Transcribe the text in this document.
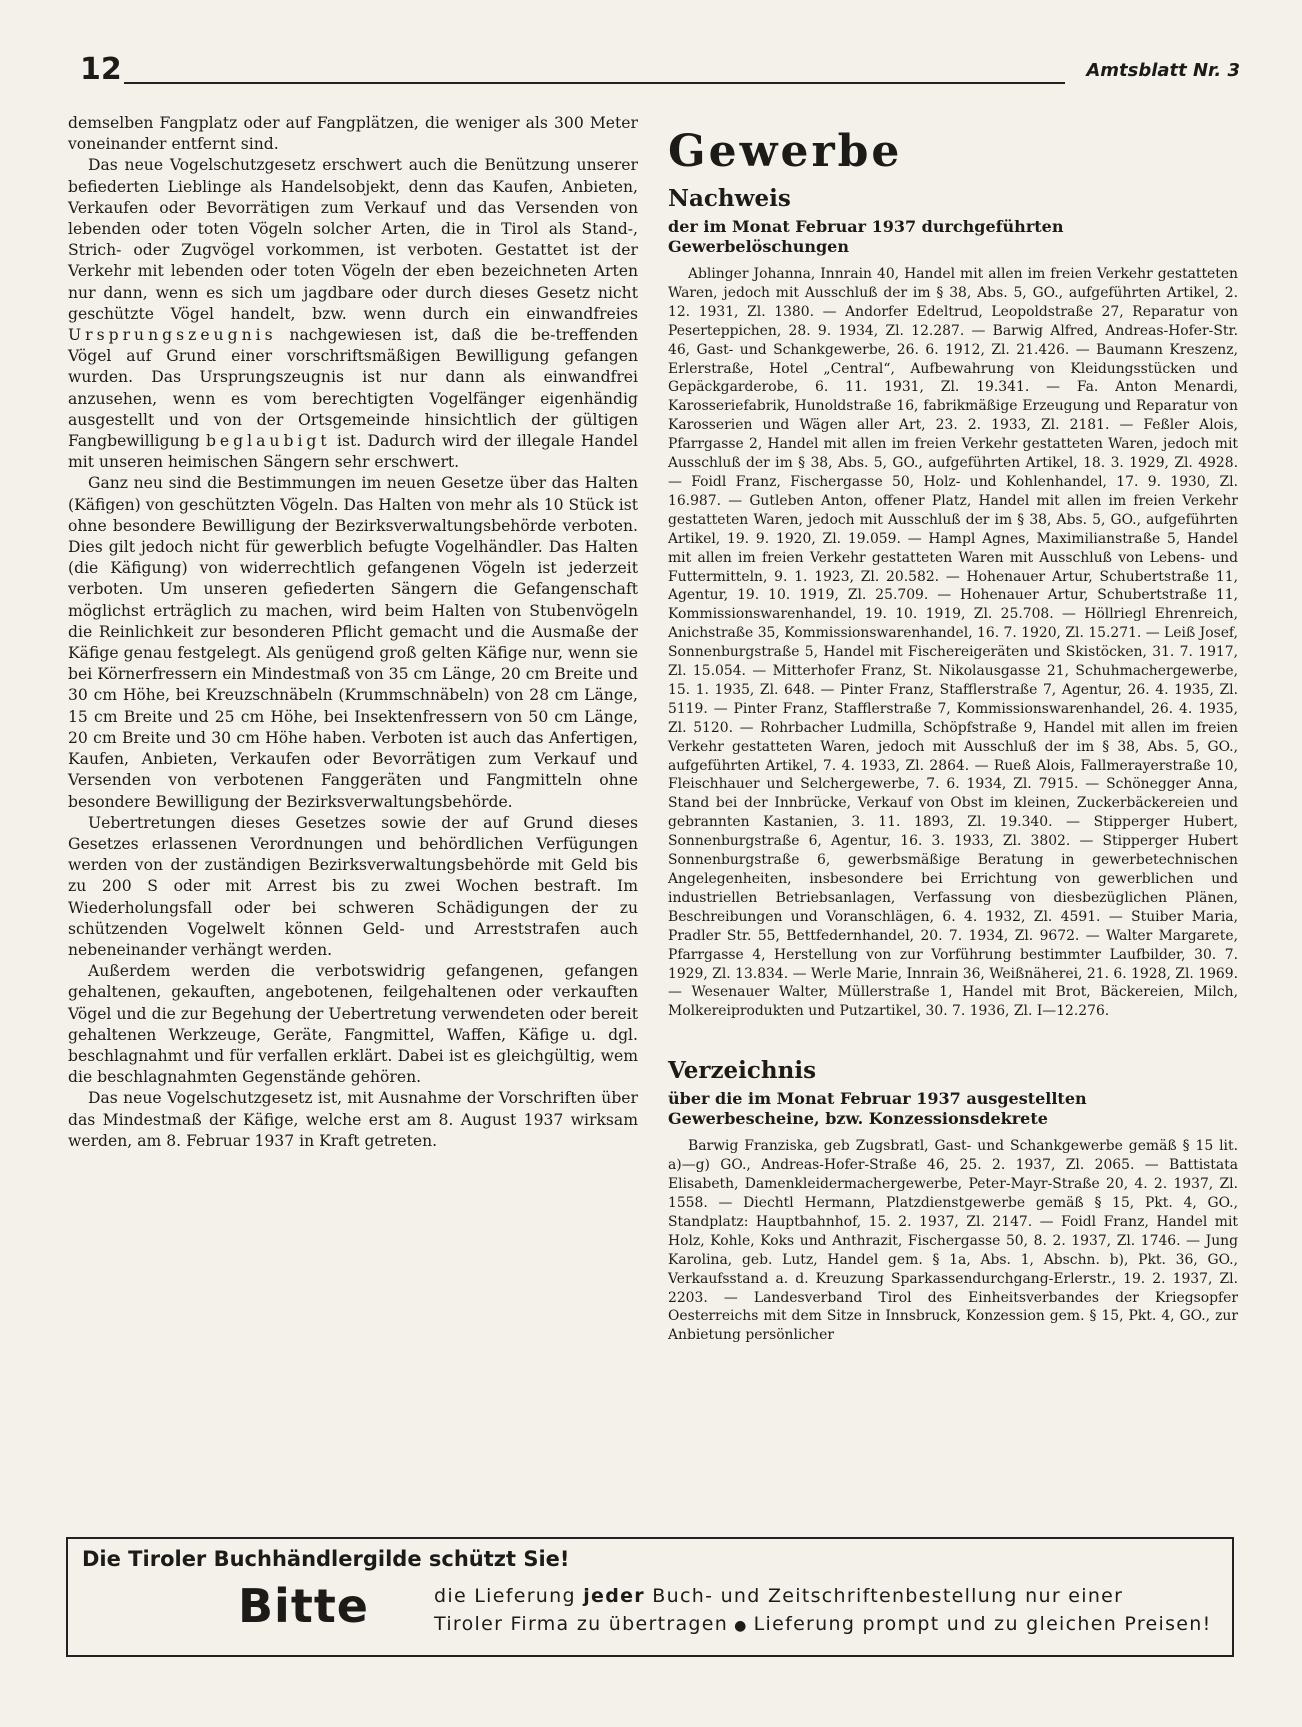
12	Amtsblatt Nr. 3

demselben Fangplatz oder auf Fangplätzen, die weniger als 300 Meter voneinander entfernt sind.

Das neue Vogelschutzgesetz erschwert auch die Benützung unserer befiederten Lieblinge als Handelsobjekt, denn das Kaufen, Anbieten, Verkaufen oder Bevorrätigen zum Verkauf und das Versenden von lebenden oder toten Vögeln solcher Arten, die in Tirol als Stand-, Strich- oder Zugvögel vorkommen, ist verboten. Gestattet ist der Verkehr mit lebenden oder toten Vögeln der eben bezeichneten Arten nur dann, wenn es sich um jagdbare oder durch dieses Gesetz nicht geschützte Vögel handelt, bzw. wenn durch ein einwandfreies Ursprungszeugnis nachgewiesen ist, daß die be-treffenden Vögel auf Grund einer vorschriftsmäßigen Bewilligung gefangen wurden. Das Ursprungszeugnis ist nur dann als einwandfrei anzusehen, wenn es vom berechtigten Vogelfänger eigenhändig ausgestellt und von der Ortsgemeinde hinsichtlich der gültigen Fangbewilligung beglaubigt ist. Dadurch wird der illegale Handel mit unseren heimischen Sängern sehr erschwert.

Ganz neu sind die Bestimmungen im neuen Gesetze über das Halten (Käfigen) von geschützten Vögeln. Das Halten von mehr als 10 Stück ist ohne besondere Bewilligung der Bezirksverwaltungsbehörde verboten. Dies gilt jedoch nicht für gewerblich befugte Vogelhändler. Das Halten (die Käfigung) von widerrechtlich gefangenen Vögeln ist jederzeit verboten. Um unseren gefiederten Sängern die Gefangenschaft möglichst erträglich zu machen, wird beim Halten von Stubenvögeln die Reinlichkeit zur besonderen Pflicht gemacht und die Ausmaße der Käfige genau festgelegt. Als genügend groß gelten Käfige nur, wenn sie bei Körnerfressern ein Mindestmaß von 35 cm Länge, 20 cm Breite und 30 cm Höhe, bei Kreuzschnäbeln (Krummschnäbeln) von 28 cm Länge, 15 cm Breite und 25 cm Höhe, bei Insektenfressern von 50 cm Länge, 20 cm Breite und 30 cm Höhe haben. Verboten ist auch das Anfertigen, Kaufen, Anbieten, Verkaufen oder Bevorrätigen zum Verkauf und Versenden von verbotenen Fanggeräten und Fangmitteln ohne besondere Bewilligung der Bezirksverwaltungsbehörde.

Uebertretungen dieses Gesetzes sowie der auf Grund dieses Gesetzes erlassenen Verordnungen und behördlichen Verfügungen werden von der zuständigen Bezirksverwaltungsbehörde mit Geld bis zu 200 S oder mit Arrest bis zu zwei Wochen bestraft. Im Wiederholungsfall oder bei schweren Schädigungen der zu schützenden Vogelwelt können Geld- und Arreststrafen auch nebeneinander verhängt werden.

Außerdem werden die verbotswidrig gefangenen, gefangen gehaltenen, gekauften, angebotenen, feilgehaltenen oder verkauften Vögel und die zur Begehung der Uebertretung verwendeten oder bereit gehaltenen Werkzeuge, Geräte, Fangmittel, Waffen, Käfige u. dgl. beschlagnahmt und für verfallen erklärt. Dabei ist es gleichgültig, wem die beschlagnahmten Gegenstände gehören.

Das neue Vogelschutzgesetz ist, mit Ausnahme der Vorschriften über das Mindestmaß der Käfige, welche erst am 8. August 1937 wirksam werden, am 8. Februar 1937 in Kraft getreten.

Gewerbe
Nachweis
der im Monat Februar 1937 durchgeführten Gewerbelöschungen

Ablinger Johanna, Innrain 40, Handel mit allen im freien Verkehr gestatteten Waren, jedoch mit Ausschluß der im § 38, Abs. 5, GO., aufgeführten Artikel, 2. 12. 1931, Zl. 1380. — Andorfer Edeltrud, Leopoldstraße 27, Reparatur von Peserteppichen, 28. 9. 1934, Zl. 12.287. — Barwig Alfred, Andreas-Hofer-Str. 46, Gast- und Schankgewerbe, 26. 6. 1912, Zl. 21.426. — Baumann Kreszenz, Erlerstraße, Hotel „Central“, Aufbewahrung von Kleidungsstücken und Gepäckgarderobe, 6. 11. 1931, Zl. 19.341. — Fa. Anton Menardi, Karosseriefabrik, Hunoldstraße 16, fabrikmäßige Erzeugung und Reparatur von Karosserien und Wägen aller Art, 23. 2. 1933, Zl. 2181. — Feßler Alois, Pfarrgasse 2, Handel mit allen im freien Verkehr gestatteten Waren, jedoch mit Ausschluß der im § 38, Abs. 5, GO., aufgeführten Artikel, 18. 3. 1929, Zl. 4928. — Foidl Franz, Fischergasse 50, Holz- und Kohlenhandel, 17. 9. 1930, Zl. 16.987. — Gutleben Anton, offener Platz, Handel mit allen im freien Verkehr gestatteten Waren, jedoch mit Ausschluß der im § 38, Abs. 5, GO., aufgeführten Artikel, 19. 9. 1920, Zl. 19.059. — Hampl Agnes, Maximilianstraße 5, Handel mit allen im freien Verkehr gestatteten Waren mit Ausschluß von Lebens- und Futtermitteln, 9. 1. 1923, Zl. 20.582. — Hohenauer Artur, Schubertstraße 11, Agentur, 19. 10. 1919, Zl. 25.709. — Hohenauer Artur, Schubertstraße 11, Kommissionswarenhandel, 19. 10. 1919, Zl. 25.708. — Höllriegl Ehrenreich, Anichstraße 35, Kommissionswarenhandel, 16. 7. 1920, Zl. 15.271. — Leiß Josef, Sonnenburgstraße 5, Handel mit Fischereigeräten und Skistöcken, 31. 7. 1917, Zl. 15.054. — Mitterhofer Franz, St. Nikolausgasse 21, Schuhmachergewerbe, 15. 1. 1935, Zl. 648. — Pinter Franz, Stafflerstraße 7, Agentur, 26. 4. 1935, Zl. 5119. — Pinter Franz, Stafflerstraße 7, Kommissionswarenhandel, 26. 4. 1935, Zl. 5120. — Rohrbacher Ludmilla, Schöpfstraße 9, Handel mit allen im freien Verkehr gestatteten Waren, jedoch mit Ausschluß der im § 38, Abs. 5, GO., aufgeführten Artikel, 7. 4. 1933, Zl. 2864. — Rueß Alois, Fallmerayerstraße 10, Fleischhauer und Selchergewerbe, 7. 6. 1934, Zl. 7915. — Schönegger Anna, Stand bei der Innbrücke, Verkauf von Obst im kleinen, Zuckerbäckereien und gebrannten Kastanien, 3. 11. 1893, Zl. 19.340. — Stipperger Hubert, Sonnenburgstraße 6, Agentur, 16. 3. 1933, Zl. 3802. — Stipperger Hubert Sonnenburgstraße 6, gewerbsmäßige Beratung in gewerbetechnischen Angelegenheiten, insbesondere bei Errichtung von gewerblichen und industriellen Betriebsanlagen, Verfassung von diesbezüglichen Plänen, Beschreibungen und Voranschlägen, 6. 4. 1932, Zl. 4591. — Stuiber Maria, Pradler Str. 55, Bettfedernhandel, 20. 7. 1934, Zl. 9672. — Walter Margarete, Pfarrgasse 4, Herstellung von zur Vorführung bestimmter Laufbilder, 30. 7. 1929, Zl. 13.834. — Werle Marie, Innrain 36, Weißnäherei, 21. 6. 1928, Zl. 1969. — Wesenauer Walter, Müllerstraße 1, Handel mit Brot, Bäckereien, Milch, Molkereiprodukten und Putzartikel, 30. 7. 1936, Zl. I—12.276.

Verzeichnis
über die im Monat Februar 1937 ausgestellten Gewerbescheine, bzw. Konzessionsdekrete

Barwig Franziska, geb Zugsbratl, Gast- und Schankgewerbe gemäß § 15 lit. a)—g) GO., Andreas-Hofer-Straße 46, 25. 2. 1937, Zl. 2065. — Battistata Elisabeth, Damenkleidermachergewerbe, Peter-Mayr-Straße 20, 4. 2. 1937, Zl. 1558. — Diechtl Hermann, Platzdienstgewerbe gemäß § 15, Pkt. 4, GO., Standplatz: Hauptbahnhof, 15. 2. 1937, Zl. 2147. — Foidl Franz, Handel mit Holz, Kohle, Koks und Anthrazit, Fischergasse 50, 8. 2. 1937, Zl. 1746. — Jung Karolina, geb. Lutz, Handel gem. § 1a, Abs. 1, Abschn. b), Pkt. 36, GO., Verkaufsstand a. d. Kreuzung Sparkassendurchgang-Erlerstr., 19. 2. 1937, Zl. 2203. — Landesverband Tirol des Einheitsverbandes der Kriegsopfer Oesterreichs mit dem Sitze in Innsbruck, Konzession gem. § 15, Pkt. 4, GO., zur Anbietung persönlicher

Die Tiroler Buchhändlergilde schützt Sie!
Bitte	die Lieferung jeder Buch- und Zeitschriftenbestellung nur einer
Tiroler Firma zu übertragen ● Lieferung prompt und zu gleichen Preisen!
